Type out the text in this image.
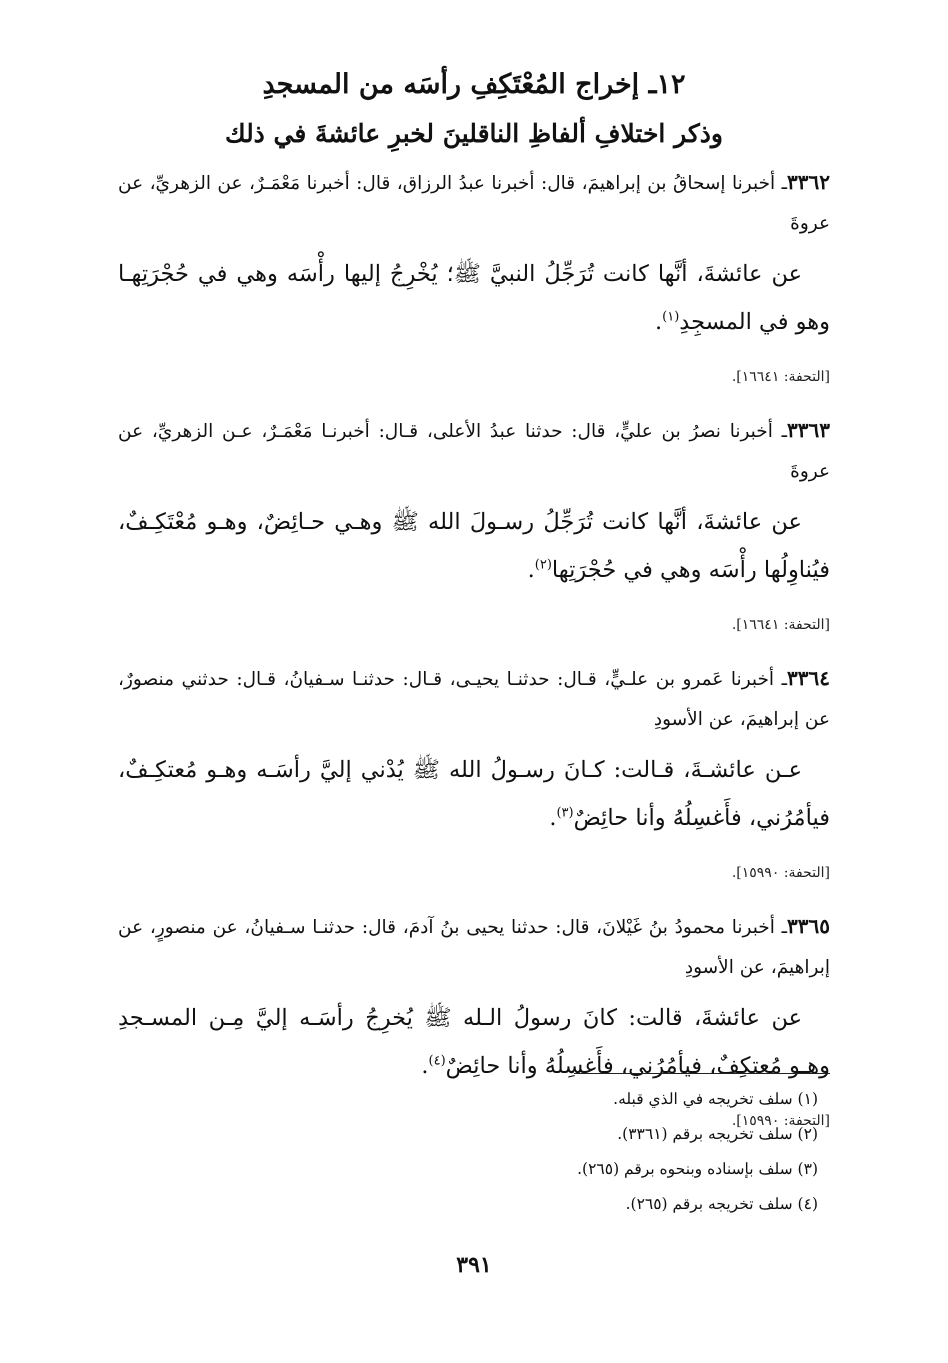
١٢ـ إخراج المُعْتَكِفِ رأسَه من المسجدِ
وذكر اختلافِ ألفاظِ الناقلينَ لخبرِ عائشةَ في ذلك

٣٣٦٢ـ أخبرنا إسحاقُ بن إبراهيمَ، قال: أخبرنا عبدُ الرزاق، قال: أخبرنا مَعْمَـرٌ، عن الزهريِّ، عن عروةَ

عن عائشةَ، أنَّها كانت تُرَجِّلُ النبيَّ ﷺ؛ يُخْرِجُ إليها رأْسَه وهي في حُجْرَتِهـا وهو في المسجِدِ$^{(١)}$.

[التحفة: ١٦٦٤١].

٣٣٦٣ـ أخبرنا نصرُ بن عليٍّ، قال: حدثنا عبدُ الأعلى، قـال: أخبرنـا مَعْمَـرٌ، عـن الزهريِّ، عن عروةَ

عن عائشةَ، أنَّها كانت تُرَجِّلُ رسـولَ الله ﷺ وهـي حـائِضٌ، وهـو مُعْتَكِـفٌ، فيُناوِلُها رأْسَه وهي في حُجْرَتِها$^{(٢)}$.

[التحفة: ١٦٦٤١].

٣٣٦٤ـ أخبرنا عَمرو بن علـيٍّ، قـال: حدثنـا يحيـى، قـال: حدثنـا سـفيانُ، قـال: حدثني منصورٌ، عن إبراهيمَ، عن الأسودِ

عـن عائشـةَ، قـالت: كـانَ رسـولُ الله ﷺ يُدْني إليَّ رأسَـه وهـو مُعتكِـفٌ، فيأمُرُني، فأَغسِلُهُ وأنا حائِضٌ$^{(٣)}$.

[التحفة: ١٥٩٩٠].

٣٣٦٥ـ أخبرنا محمودُ بنُ غَيْلانَ، قال: حدثنا يحيى بنُ آدمَ، قال: حدثنـا سـفيانُ، عن منصورٍ، عن إبراهيمَ، عن الأسودِ

عن عائشةَ، قالت: كانَ رسولُ الـله ﷺ يُخرِجُ رأسَـه إليَّ مِـن المسـجدِ وهـو مُعتكِفٌ، فيأمُرُني، فأَغسِلُهُ وأنا حائِضٌ$^{(٤)}$.

[التحفة: ١٥٩٩٠].

(١) سلف تخريجه في الذي قبله.

(٢) سلف تخريجه برقم (٣٣٦١).

(٣) سلف بإسناده وبنحوه برقم (٢٦٥).

(٤) سلف تخريجه برقم (٢٦٥).

٣٩١
